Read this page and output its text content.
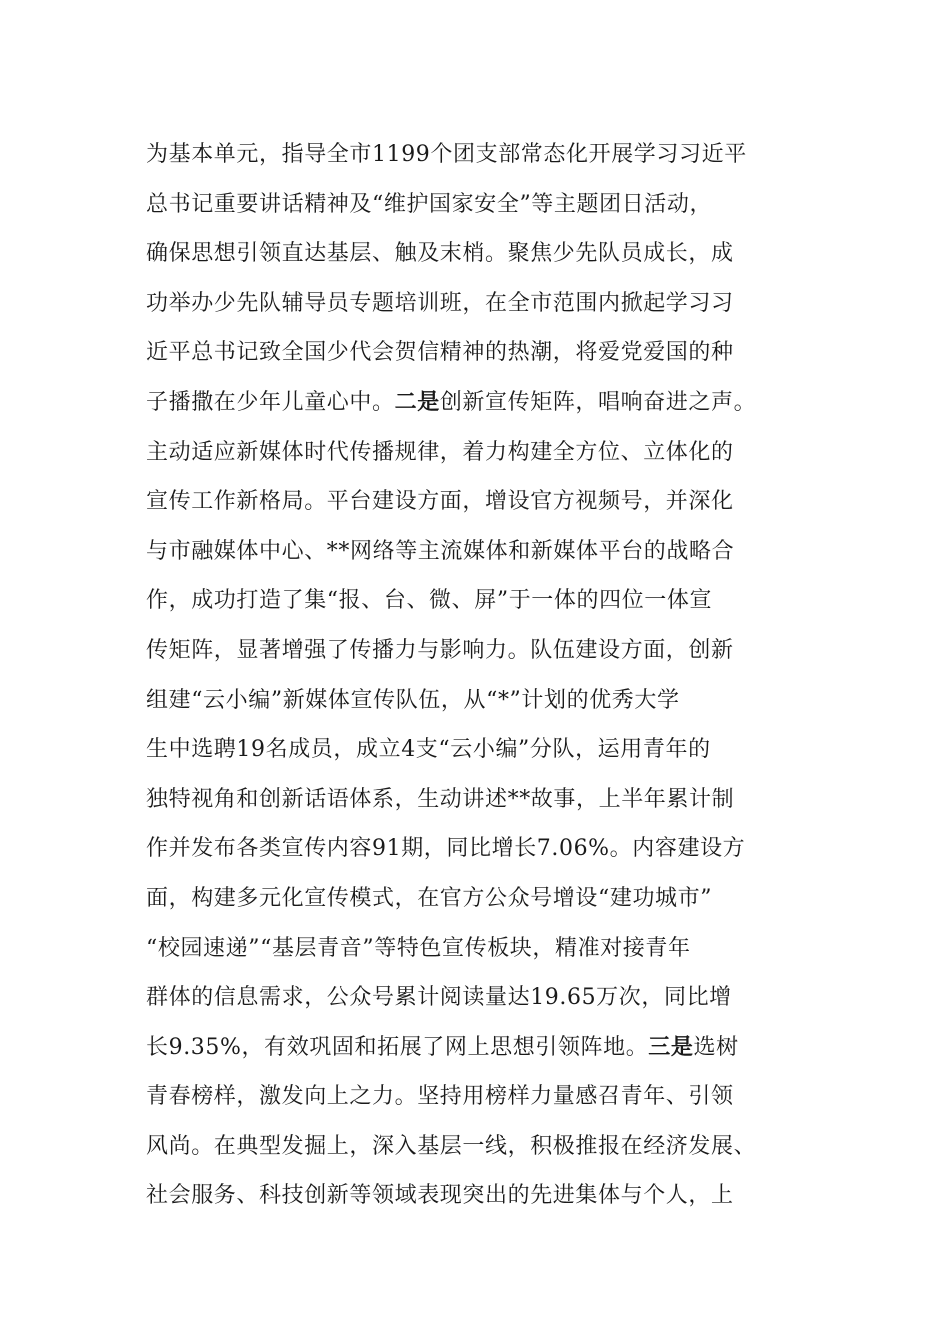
为基本单元，指导全市1199个团支部常态化开展学习习近平
总书记重要讲话精神及“维护国家安全”等主题团日活动，
确保思想引领直达基层、触及末梢。聚焦少先队员成长，成
功举办少先队辅导员专题培训班，在全市范围内掀起学习习
近平总书记致全国少代会贺信精神的热潮，将爱党爱国的种
子播撒在少年儿童心中。二是创新宣传矩阵，唱响奋进之声。
主动适应新媒体时代传播规律，着力构建全方位、立体化的
宣传工作新格局。平台建设方面，增设官方视频号，并深化
与市融媒体中心、**网络等主流媒体和新媒体平台的战略合
作，成功打造了集“报、台、微、屏”于一体的四位一体宣
传矩阵，显著增强了传播力与影响力。队伍建设方面，创新
组建“云小编”新媒体宣传队伍，从“*”计划的优秀大学
生中选聘19名成员，成立4支“云小编”分队，运用青年的
独特视角和创新话语体系，生动讲述**故事，上半年累计制
作并发布各类宣传内容91期，同比增长7.06%。内容建设方
面，构建多元化宣传模式，在官方公众号增设“建功城市”
“校园速递”“基层青音”等特色宣传板块，精准对接青年
群体的信息需求，公众号累计阅读量达19.65万次，同比增
长9.35%，有效巩固和拓展了网上思想引领阵地。三是选树
青春榜样，激发向上之力。坚持用榜样力量感召青年、引领
风尚。在典型发掘上，深入基层一线，积极推报在经济发展、
社会服务、科技创新等领域表现突出的先进集体与个人，上
